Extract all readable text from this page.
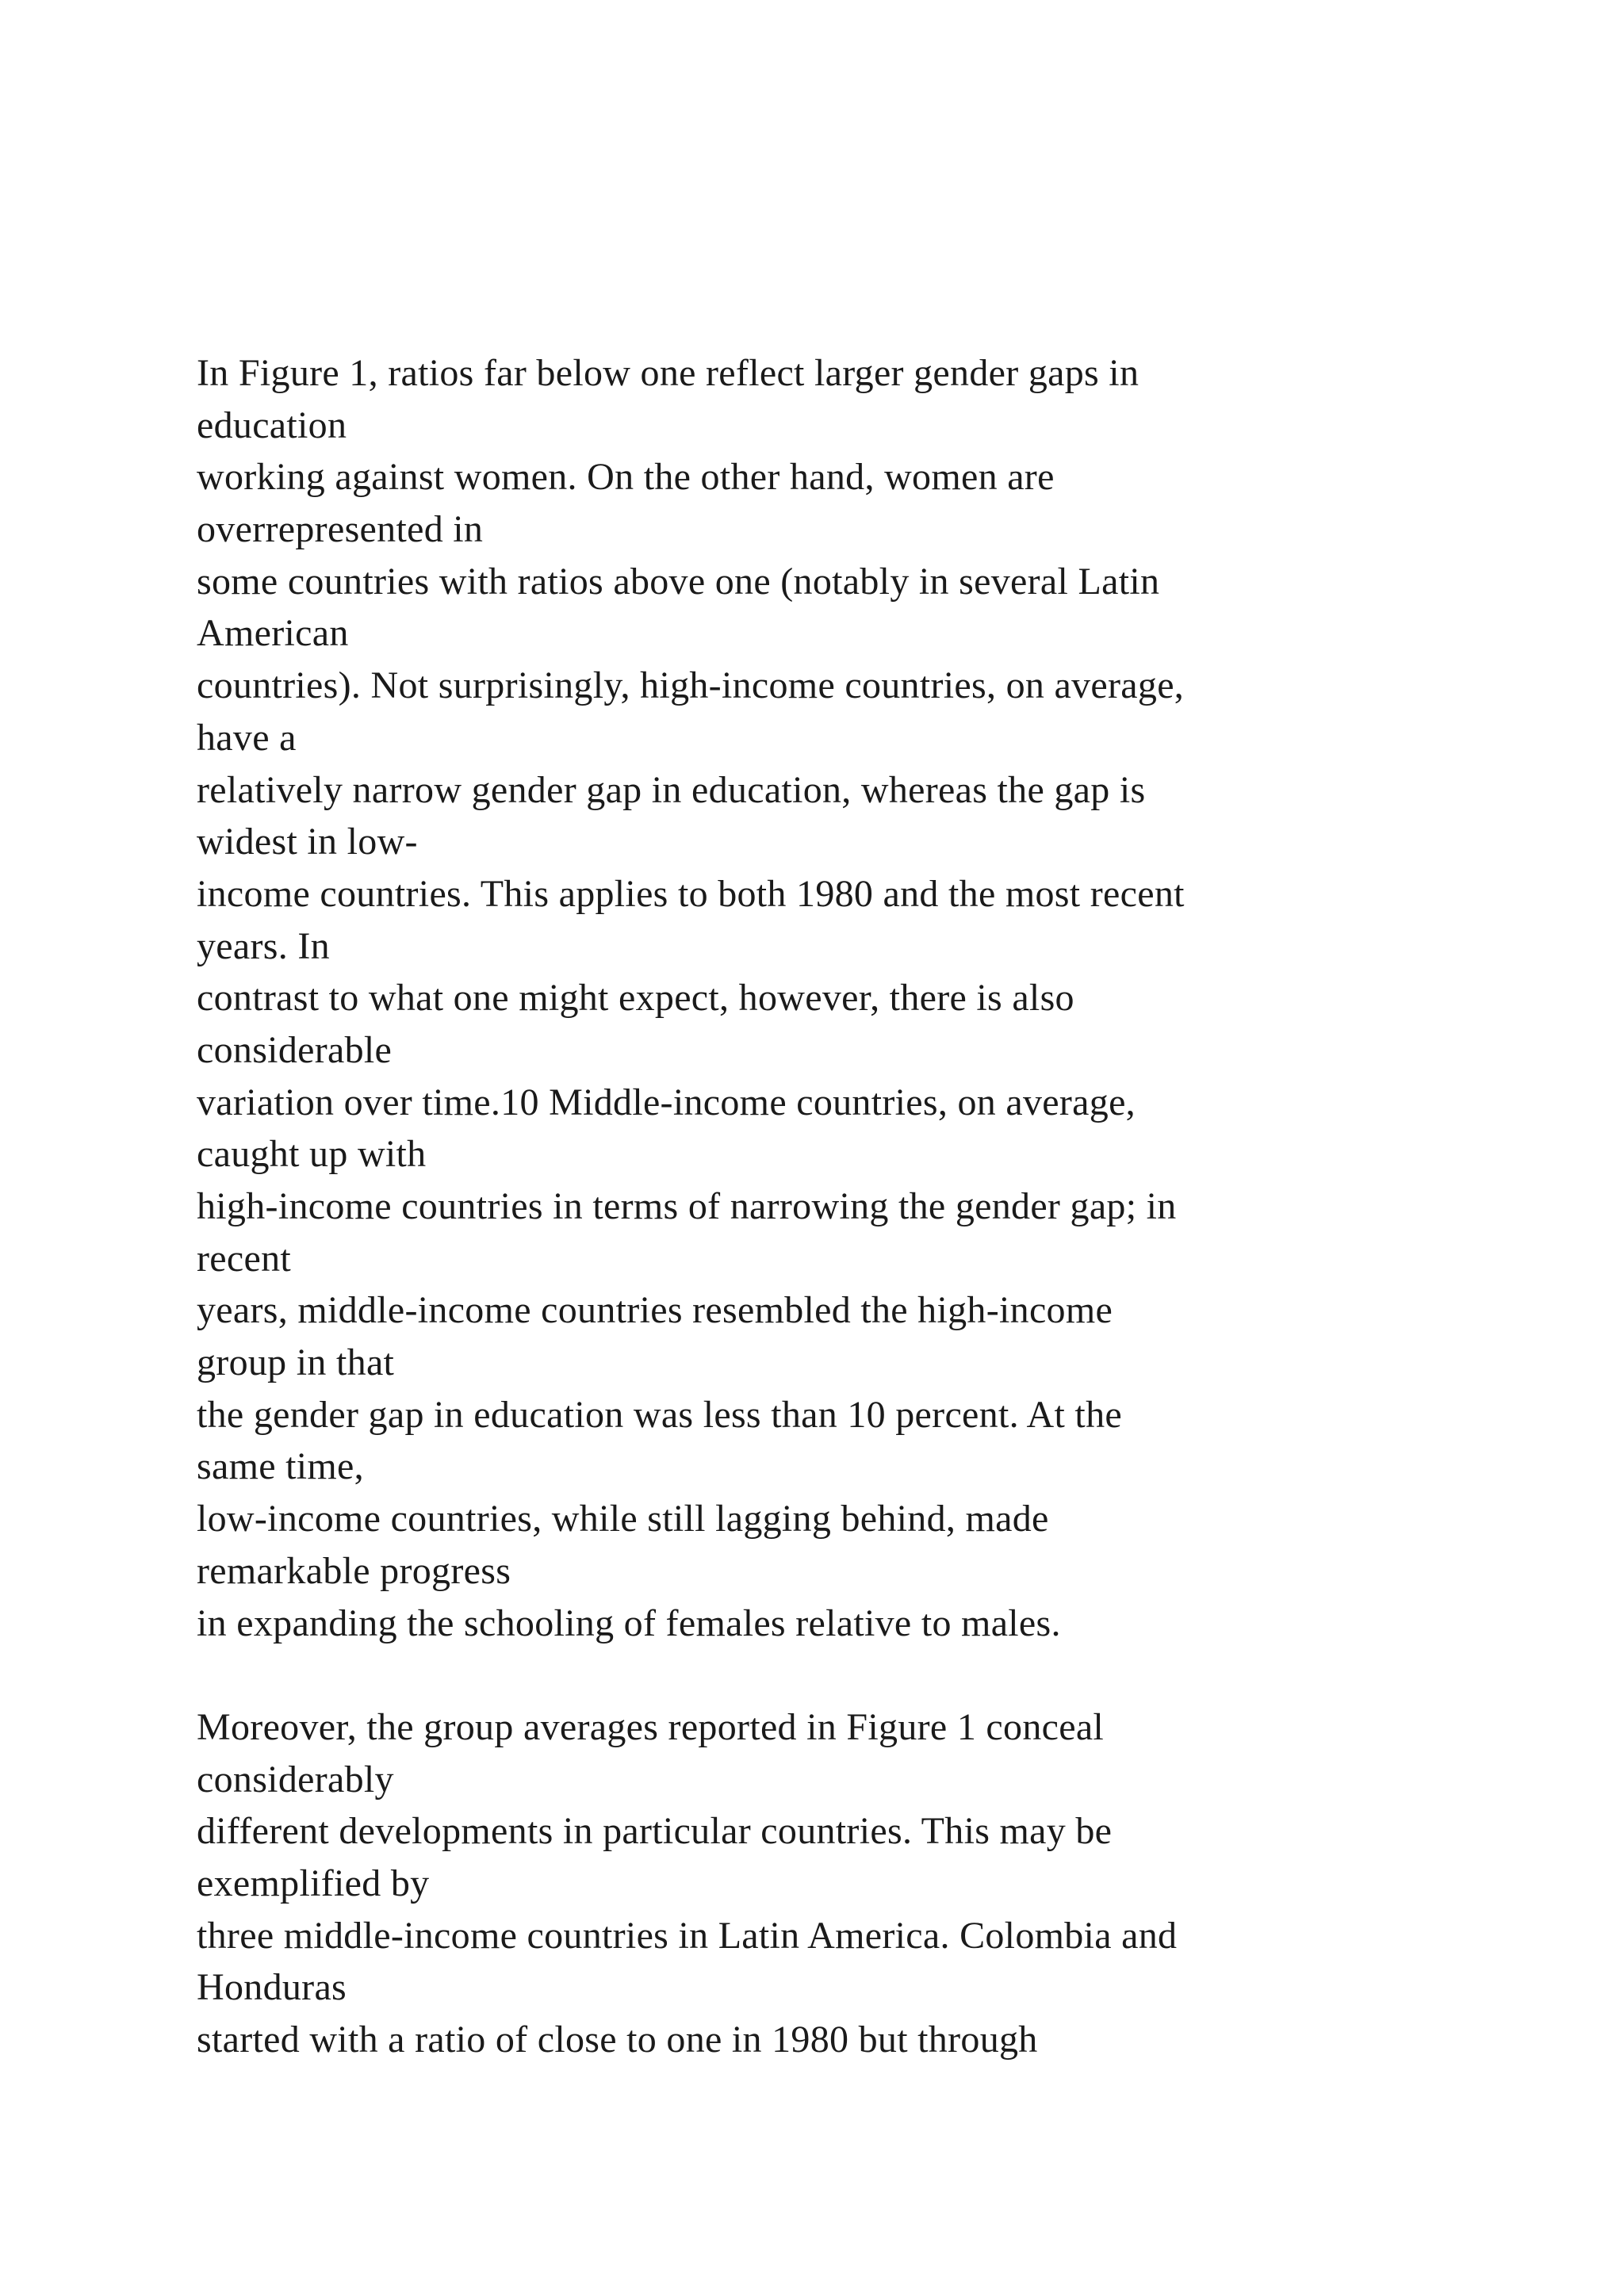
In Figure 1, ratios far below one reflect larger gender gaps in
education
working against women. On the other hand, women are
overrepresented in
some countries with ratios above one (notably in several Latin
American
countries). Not surprisingly, high-income countries, on average,
have a
relatively narrow gender gap in education, whereas the gap is
widest in low-
income countries. This applies to both 1980 and the most recent
years. In
contrast to what one might expect, however, there is also
considerable
variation over time.10 Middle-income countries, on average,
caught up with
high-income countries in terms of narrowing the gender gap; in
recent
years, middle-income countries resembled the high-income
group in that
the gender gap in education was less than 10 percent. At the
same time,
low-income countries, while still lagging behind, made
remarkable progress
in expanding the schooling of females relative to males.
Moreover, the group averages reported in Figure 1 conceal
considerably
different developments in particular countries. This may be
exemplified by
three middle-income countries in Latin America. Colombia and
Honduras
started with a ratio of close to one in 1980 but through
